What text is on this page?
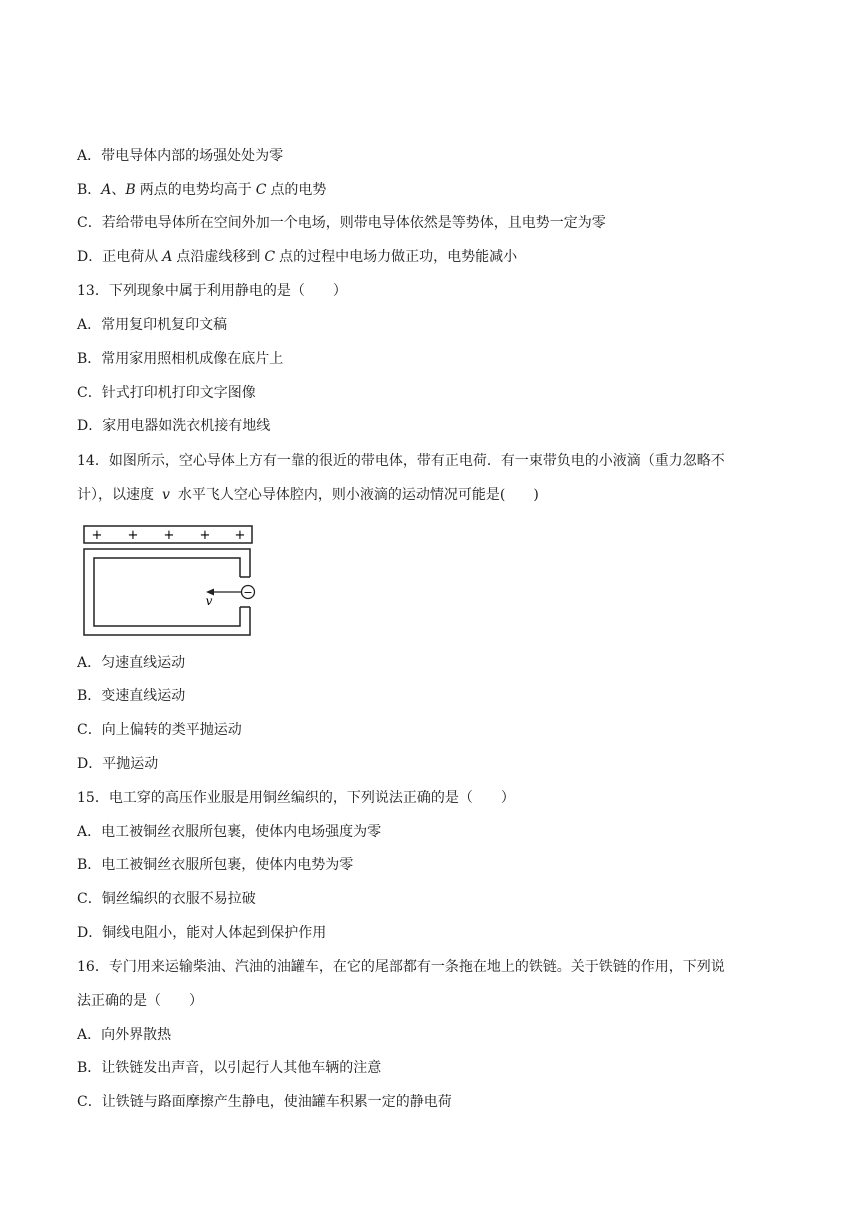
A．带电导体内部的场强处处为零
B．A、B 两点的电势均高于 C 点的电势
C．若给带电导体所在空间外加一个电场，则带电导体依然是等势体，且电势一定为零
D．正电荷从 A 点沿虚线移到 C 点的过程中电场力做正功，电势能减小
13．下列现象中属于利用静电的是（　　）
A．常用复印机复印文稿
B．常用家用照相机成像在底片上
C．针式打印机打印文字图像
D．家用电器如洗衣机接有地线
14．如图所示，空心导体上方有一靠的很近的带电体，带有正电荷．有一束带负电的小液滴（重力忽略不
计），以速度 v 水平飞人空心导体腔内，则小液滴的运动情况可能是(　　)
+ + + + +
v
−
A．匀速直线运动
B．变速直线运动
C．向上偏转的类平抛运动
D．平抛运动
15．电工穿的高压作业服是用铜丝编织的，下列说法正确的是（　　）
A．电工被铜丝衣服所包裹，使体内电场强度为零
B．电工被铜丝衣服所包裹，使体内电势为零
C．铜丝编织的衣服不易拉破
D．铜线电阻小，能对人体起到保护作用
16．专门用来运输柴油、汽油的油罐车，在它的尾部都有一条拖在地上的铁链。关于铁链的作用，下列说
法正确的是（　　）
A．向外界散热
B．让铁链发出声音，以引起行人其他车辆的注意
C．让铁链与路面摩擦产生静电，使油罐车积累一定的静电荷
